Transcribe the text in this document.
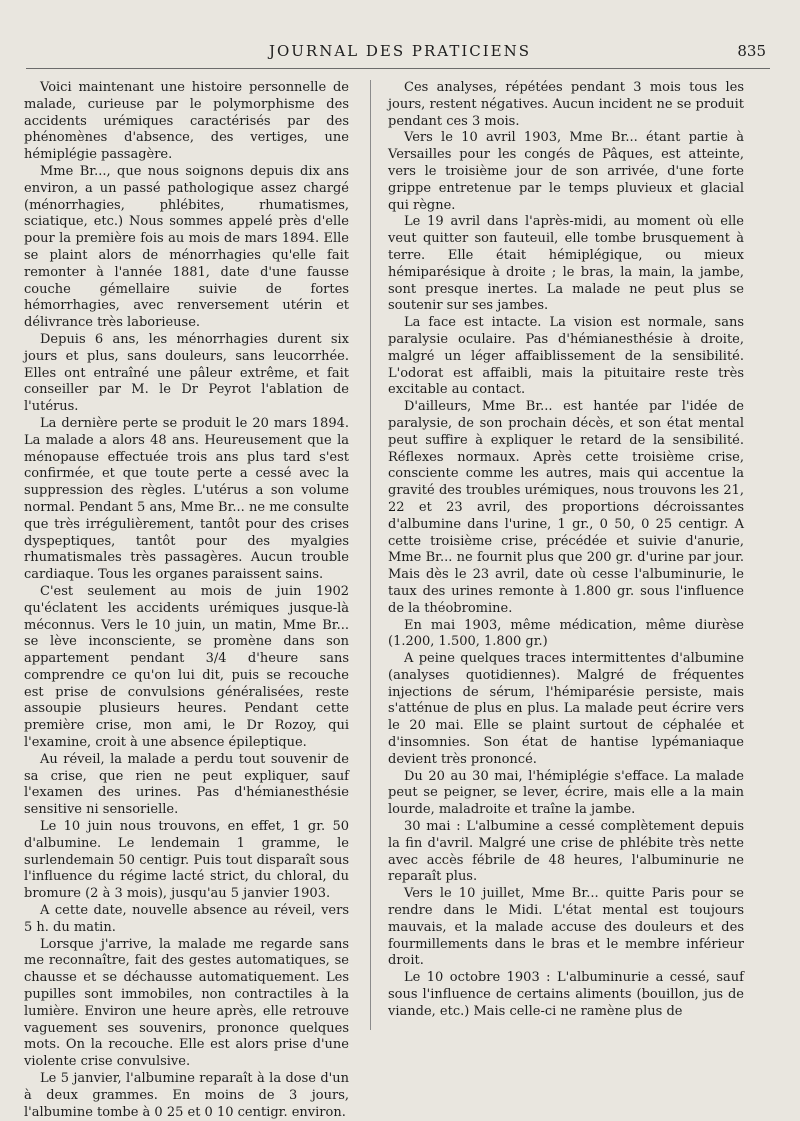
JOURNAL DES PRATICIENS	835

Voici maintenant une histoire personnelle de malade, curieuse par le polymorphisme des accidents urémiques caractérisés par des phénomènes d'absence, des vertiges, une hémiplégie passagère.

Mme Br..., que nous soignons depuis dix ans environ, a un passé pathologique assez chargé (ménorrhagies, phlébites, rhumatismes, sciatique, etc.) Nous sommes appelé près d'elle pour la première fois au mois de mars 1894. Elle se plaint alors de ménorrhagies qu'elle fait remonter à l'année 1881, date d'une fausse couche gémellaire suivie de fortes hémorrhagies, avec renversement utérin et délivrance très laborieuse.

Depuis 6 ans, les ménorrhagies durent six jours et plus, sans douleurs, sans leucorrhée. Elles ont entraîné une pâleur extrême, et fait conseiller par M. le Dr Peyrot l'ablation de l'utérus.

La dernière perte se produit le 20 mars 1894. La malade a alors 48 ans. Heureusement que la ménopause effectuée trois ans plus tard s'est confirmée, et que toute perte a cessé avec la suppression des règles. L'utérus a son volume normal. Pendant 5 ans, Mme Br... ne me consulte que très irrégulièrement, tantôt pour des crises dyspeptiques, tantôt pour des myalgies rhumatismales très passagères. Aucun trouble cardiaque. Tous les organes paraissent sains.

C'est seulement au mois de juin 1902 qu'éclatent les accidents urémiques jusque-là méconnus. Vers le 10 juin, un matin, Mme Br... se lève inconsciente, se promène dans son appartement pendant 3/4 d'heure sans comprendre ce qu'on lui dit, puis se recouche est prise de convulsions généralisées, reste assoupie plusieurs heures. Pendant cette première crise, mon ami, le Dr Rozoy, qui l'examine, croit à une absence épileptique.

Au réveil, la malade a perdu tout souvenir de sa crise, que rien ne peut expliquer, sauf l'examen des urines. Pas d'hémianesthésie sensitive ni sensorielle.

Le 10 juin nous trouvons, en effet, 1 gr. 50 d'albumine. Le lendemain 1 gramme, le surlendemain 50 centigr. Puis tout disparaît sous l'influence du régime lacté strict, du chloral, du bromure (2 à 3 mois), jusqu'au 5 janvier 1903.

A cette date, nouvelle absence au réveil, vers 5 h. du matin.

Lorsque j'arrive, la malade me regarde sans me reconnaître, fait des gestes automatiques, se chausse et se déchausse automatiquement. Les pupilles sont immobiles, non contractiles à la lumière. Environ une heure après, elle retrouve vaguement ses souvenirs, prononce quelques mots. On la recouche. Elle est alors prise d'une violente crise convulsive.

Le 5 janvier, l'albumine reparaît à la dose d'un à deux grammes. En moins de 3 jours, l'albumine tombe à 0 25 et 0 10 centigr. environ.

Ces analyses, répétées pendant 3 mois tous les jours, restent négatives. Aucun incident ne se produit pendant ces 3 mois.

Vers le 10 avril 1903, Mme Br... étant partie à Versailles pour les congés de Pâques, est atteinte, vers le troisième jour de son arrivée, d'une forte grippe entretenue par le temps pluvieux et glacial qui règne.

Le 19 avril dans l'après-midi, au moment où elle veut quitter son fauteuil, elle tombe brusquement à terre. Elle était hémiplégique, ou mieux hémiparésique à droite ; le bras, la main, la jambe, sont presque inertes. La malade ne peut plus se soutenir sur ses jambes.

La face est intacte. La vision est normale, sans paralysie oculaire. Pas d'hémianesthésie à droite, malgré un léger affaiblissement de la sensibilité. L'odorat est affaibli, mais la pituitaire reste très excitable au contact.

D'ailleurs, Mme Br... est hantée par l'idée de paralysie, de son prochain décès, et son état mental peut suffire à expliquer le retard de la sensibilité. Réflexes normaux. Après cette troisième crise, consciente comme les autres, mais qui accentue la gravité des troubles urémiques, nous trouvons les 21, 22 et 23 avril, des proportions décroissantes d'albumine dans l'urine, 1 gr., 0 50, 0 25 centigr. A cette troisième crise, précédée et suivie d'anurie, Mme Br... ne fournit plus que 200 gr. d'urine par jour. Mais dès le 23 avril, date où cesse l'albuminurie, le taux des urines remonte à 1.800 gr. sous l'influence de la théobromine.

En mai 1903, même médication, même diurèse (1.200, 1.500, 1.800 gr.)

A peine quelques traces intermittentes d'albumine (analyses quotidiennes). Malgré de fréquentes injections de sérum, l'hémiparésie persiste, mais s'atténue de plus en plus. La malade peut écrire vers le 20 mai. Elle se plaint surtout de céphalée et d'insomnies. Son état de hantise lypémaniaque devient très prononcé.

Du 20 au 30 mai, l'hémiplégie s'efface. La malade peut se peigner, se lever, écrire, mais elle a la main lourde, maladroite et traîne la jambe.

30 mai : L'albumine a cessé complètement depuis la fin d'avril. Malgré une crise de phlébite très nette avec accès fébrile de 48 heures, l'albuminurie ne reparaît plus.

Vers le 10 juillet, Mme Br... quitte Paris pour se rendre dans le Midi. L'état mental est toujours mauvais, et la malade accuse des douleurs et des fourmillements dans le bras et le membre inférieur droit.

Le 10 octobre 1903 : L'albuminurie a cessé, sauf sous l'influence de certains aliments (bouillon, jus de viande, etc.) Mais celle-ci ne ramène plus de
